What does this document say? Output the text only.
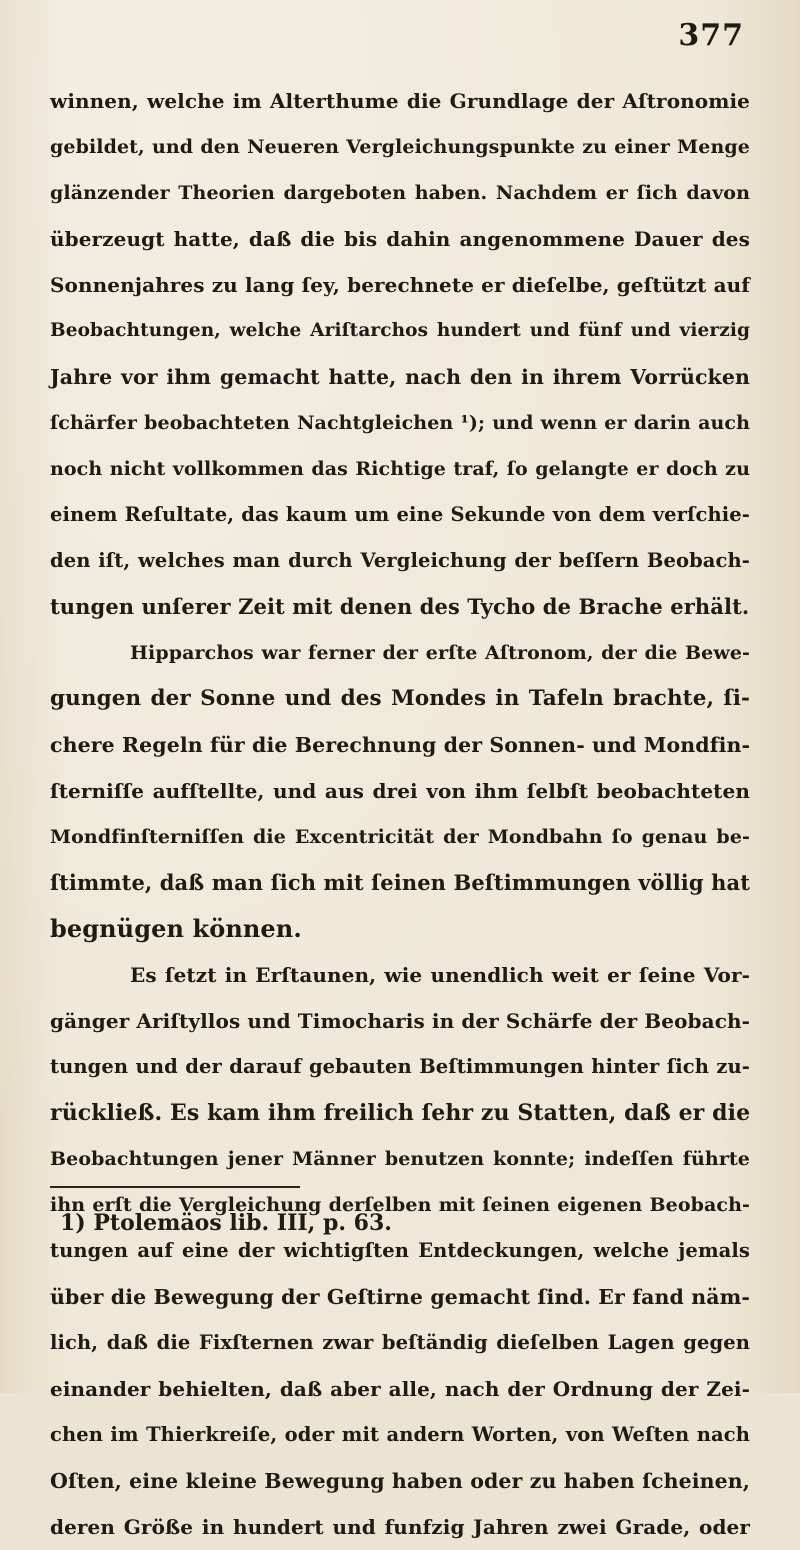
377
winnen, welche im Alterthume die Grundlage der Aſtronomie
gebildet, und den Neueren Vergleichungspunkte zu einer Menge
glänzender Theorien dargeboten haben. Nachdem er ſich davon
überzeugt hatte, daß die bis dahin angenommene Dauer des
Sonnenjahres zu lang ſey, berechnete er dieſelbe, geſtützt auf
Beobachtungen, welche Ariſtarchos hundert und fünf und vierzig
Jahre vor ihm gemacht hatte, nach den in ihrem Vorrücken
ſchärfer beobachteten Nachtgleichen ¹); und wenn er darin auch
noch nicht vollkommen das Richtige traf, ſo gelangte er doch zu
einem Reſultate, das kaum um eine Sekunde von dem verſchie-
den iſt, welches man durch Vergleichung der beſſern Beobach-
tungen unſerer Zeit mit denen des Tycho de Brache erhält.
Hipparchos war ferner der erſte Aſtronom, der die Bewe-
gungen der Sonne und des Mondes in Tafeln brachte, ſi-
chere Regeln für die Berechnung der Sonnen- und Mondfin-
ſterniſſe aufſtellte, und aus drei von ihm ſelbſt beobachteten
Mondfinſterniſſen die Excentricität der Mondbahn ſo genau be-
ſtimmte, daß man ſich mit ſeinen Beſtimmungen völlig hat
begnügen können.
Es ſetzt in Erſtaunen, wie unendlich weit er ſeine Vor-
gänger Ariſtyllos und Timocharis in der Schärfe der Beobach-
tungen und der darauf gebauten Beſtimmungen hinter ſich zu-
rückließ. Es kam ihm freilich ſehr zu Statten, daß er die
Beobachtungen jener Männer benutzen konnte; indeſſen führte
ihn erſt die Vergleichung derſelben mit ſeinen eigenen Beobach-
tungen auf eine der wichtigſten Entdeckungen, welche jemals
über die Bewegung der Geſtirne gemacht ſind. Er fand näm-
lich, daß die Fixſternen zwar beſtändig dieſelben Lagen gegen
einander behielten, daß aber alle, nach der Ordnung der Zei-
chen im Thierkreiſe, oder mit andern Worten, von Weſten nach
Oſten, eine kleine Bewegung haben oder zu haben ſcheinen,
deren Größe in hundert und funfzig Jahren zwei Grade, oder
1) Ptolemäos lib. III, p. 63.
